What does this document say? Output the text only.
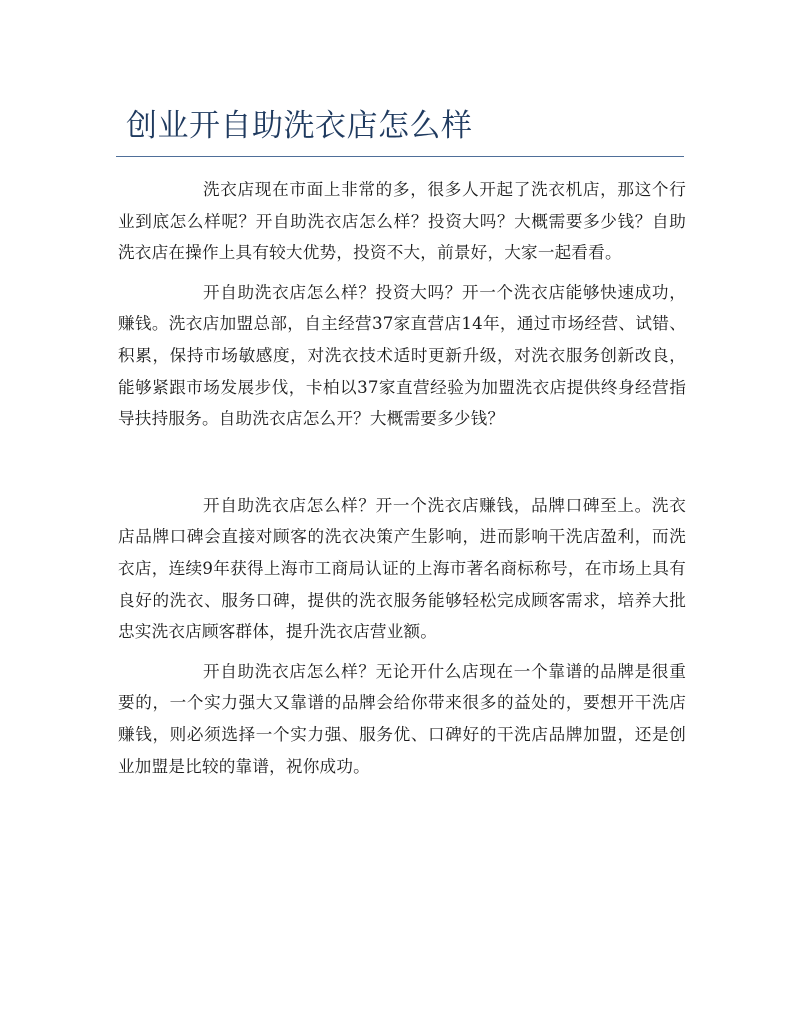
创业开自助洗衣店怎么样

洗衣店现在市面上非常的多，很多人开起了洗衣机店，那这个行业到底怎么样呢？开自助洗衣店怎么样？投资大吗？大概需要多少钱？自助洗衣店在操作上具有较大优势，投资不大，前景好，大家一起看看。

开自助洗衣店怎么样？投资大吗？开一个洗衣店能够快速成功，赚钱。洗衣店加盟总部，自主经营37家直营店14年，通过市场经营、试错、积累，保持市场敏感度，对洗衣技术适时更新升级，对洗衣服务创新改良，能够紧跟市场发展步伐，卡柏以37家直营经验为加盟洗衣店提供终身经营指导扶持服务。自助洗衣店怎么开？大概需要多少钱？

开自助洗衣店怎么样？开一个洗衣店赚钱，品牌口碑至上。洗衣店品牌口碑会直接对顾客的洗衣决策产生影响，进而影响干洗店盈利，而洗衣店，连续9年获得上海市工商局认证的上海市著名商标称号，在市场上具有良好的洗衣、服务口碑，提供的洗衣服务能够轻松完成顾客需求，培养大批忠实洗衣店顾客群体，提升洗衣店营业额。

开自助洗衣店怎么样？无论开什么店现在一个靠谱的品牌是很重要的，一个实力强大又靠谱的品牌会给你带来很多的益处的，要想开干洗店赚钱，则必须选择一个实力强、服务优、口碑好的干洗店品牌加盟，还是创业加盟是比较的靠谱，祝你成功。
